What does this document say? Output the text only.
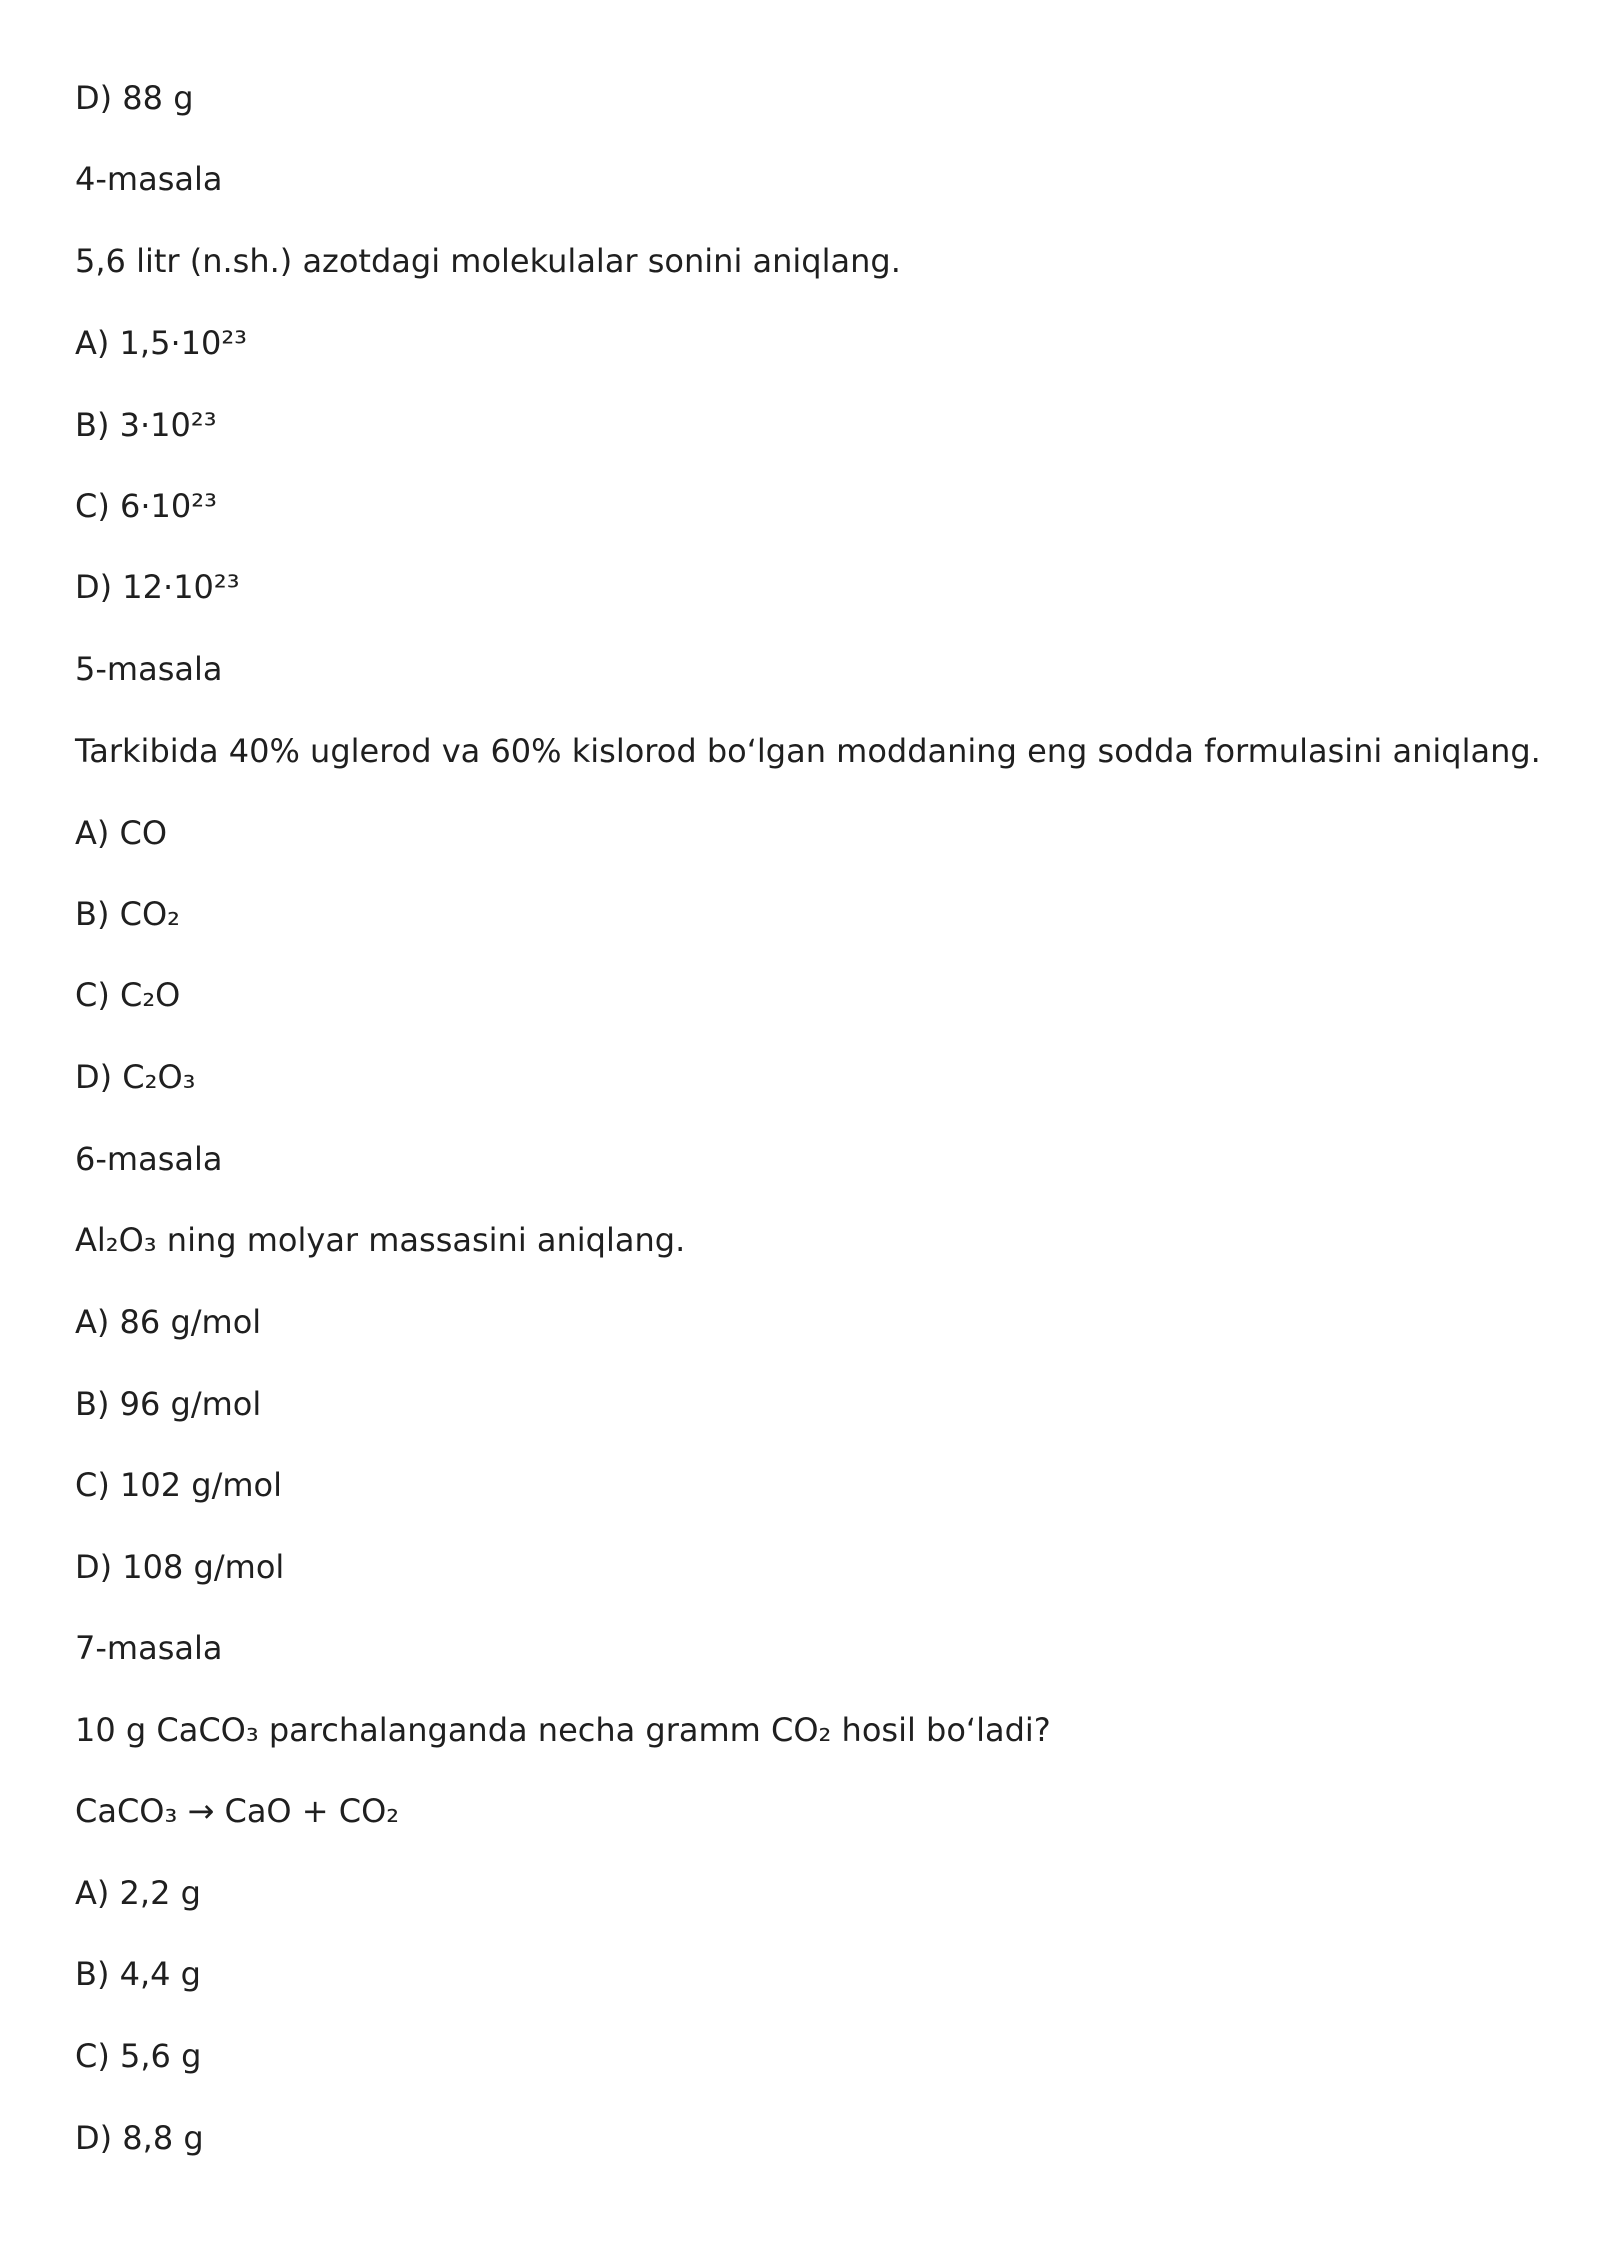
D) 88 g

4-masala

5,6 litr (n.sh.) azotdagi molekulalar sonini aniqlang.

A) 1,5·10²³

B) 3·10²³

C) 6·10²³

D) 12·10²³

5-masala

Tarkibida 40% uglerod va 60% kislorod boʻlgan moddaning eng sodda formulasini aniqlang.

A) CO

B) CO₂

C) C₂O

D) C₂O₃

6-masala

Al₂O₃ ning molyar massasini aniqlang.

A) 86 g/mol

B) 96 g/mol

C) 102 g/mol

D) 108 g/mol

7-masala

10 g CaCO₃ parchalanganda necha gramm CO₂ hosil boʻladi?

CaCO₃ → CaO + CO₂

A) 2,2 g

B) 4,4 g

C) 5,6 g

D) 8,8 g
